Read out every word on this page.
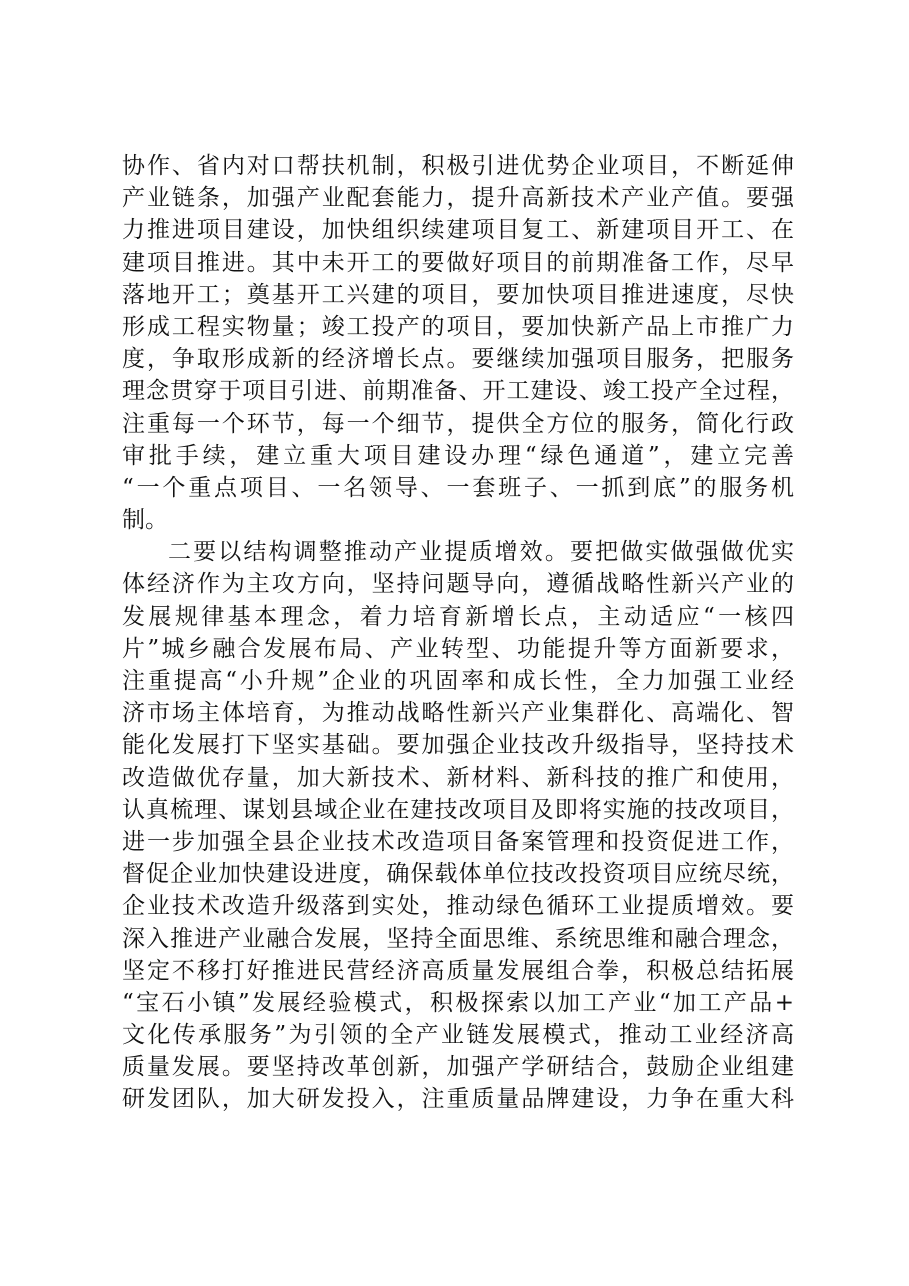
协作、省内对口帮扶机制，积极引进优势企业项目，不断延伸
产业链条，加强产业配套能力，提升高新技术产业产值。要强
力推进项目建设，加快组织续建项目复工、新建项目开工、在
建项目推进。其中未开工的要做好项目的前期准备工作，尽早
落地开工；奠基开工兴建的项目，要加快项目推进速度，尽快
形成工程实物量；竣工投产的项目，要加快新产品上市推广力
度，争取形成新的经济增长点。要继续加强项目服务，把服务
理念贯穿于项目引进、前期准备、开工建设、竣工投产全过程，
注重每一个环节，每一个细节，提供全方位的服务，简化行政
审批手续，建立重大项目建设办理“绿色通道”，建立完善
“一个重点项目、一名领导、一套班子、一抓到底”的服务机
制。
二要以结构调整推动产业提质增效。要把做实做强做优实
体经济作为主攻方向，坚持问题导向，遵循战略性新兴产业的
发展规律基本理念，着力培育新增长点，主动适应“一核四
片”城乡融合发展布局、产业转型、功能提升等方面新要求，
注重提高“小升规”企业的巩固率和成长性，全力加强工业经
济市场主体培育，为推动战略性新兴产业集群化、高端化、智
能化发展打下坚实基础。要加强企业技改升级指导，坚持技术
改造做优存量，加大新技术、新材料、新科技的推广和使用，
认真梳理、谋划县域企业在建技改项目及即将实施的技改项目，
进一步加强全县企业技术改造项目备案管理和投资促进工作，
督促企业加快建设进度，确保载体单位技改投资项目应统尽统，
企业技术改造升级落到实处，推动绿色循环工业提质增效。要
深入推进产业融合发展，坚持全面思维、系统思维和融合理念，
坚定不移打好推进民营经济高质量发展组合拳，积极总结拓展
“宝石小镇”发展经验模式，积极探索以加工产业“加工产品+
文化传承服务”为引领的全产业链发展模式，推动工业经济高
质量发展。要坚持改革创新，加强产学研结合，鼓励企业组建
研发团队，加大研发投入，注重质量品牌建设，力争在重大科
